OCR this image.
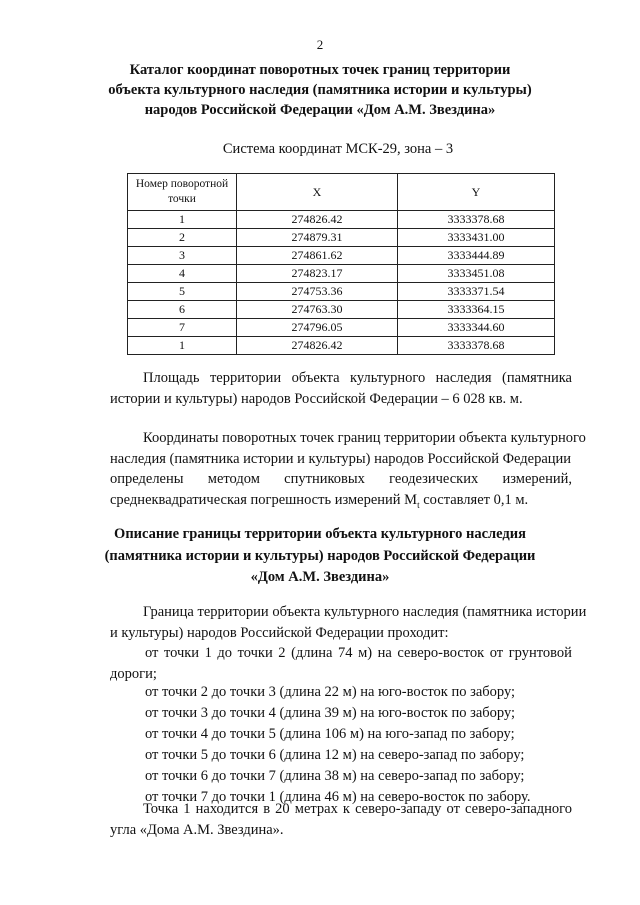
2
Каталог координат поворотных точек границ территории
объекта культурного наследия (памятника истории и культуры)
народов Российской Федерации «Дом А.М. Звездина»
Система координат МСК-29, зона – 3
Номер поворотной точки	X	Y
1	274826.42	3333378.68
2	274879.31	3333431.00
3	274861.62	3333444.89
4	274823.17	3333451.08
5	274753.36	3333371.54
6	274763.30	3333364.15
7	274796.05	3333344.60
1	274826.42	3333378.68
Площадь территории объекта культурного наследия (памятника
истории и культуры) народов Российской Федерации – 6 028 кв. м.
Координаты поворотных точек границ территории объекта культурного
наследия (памятника истории и культуры) народов Российской Федерации
определены методом спутниковых геодезических измерений,
среднеквадратическая погрешность измерений $M_t$ составляет 0,1 м.
Описание границы территории объекта культурного наследия
(памятника истории и культуры) народов Российской Федерации
«Дом А.М. Звездина»
Граница территории объекта культурного наследия (памятника истории
и культуры) народов Российской Федерации проходит:
от точки 1 до точки 2 (длина 74 м) на северо-восток от грунтовой
дороги;
от точки 2 до точки 3 (длина 22 м) на юго-восток по забору;
от точки 3 до точки 4 (длина 39 м) на юго-восток по забору;
от точки 4 до точки 5 (длина 106 м) на юго-запад по забору;
от точки 5 до точки 6 (длина 12 м) на северо-запад по забору;
от точки 6 до точки 7 (длина 38 м) на северо-запад по забору;
от точки 7 до точки 1 (длина 46 м) на северо-восток по забору.
Точка 1 находится в 20 метрах к северо-западу от северо-западного
угла «Дома А.М. Звездина».
